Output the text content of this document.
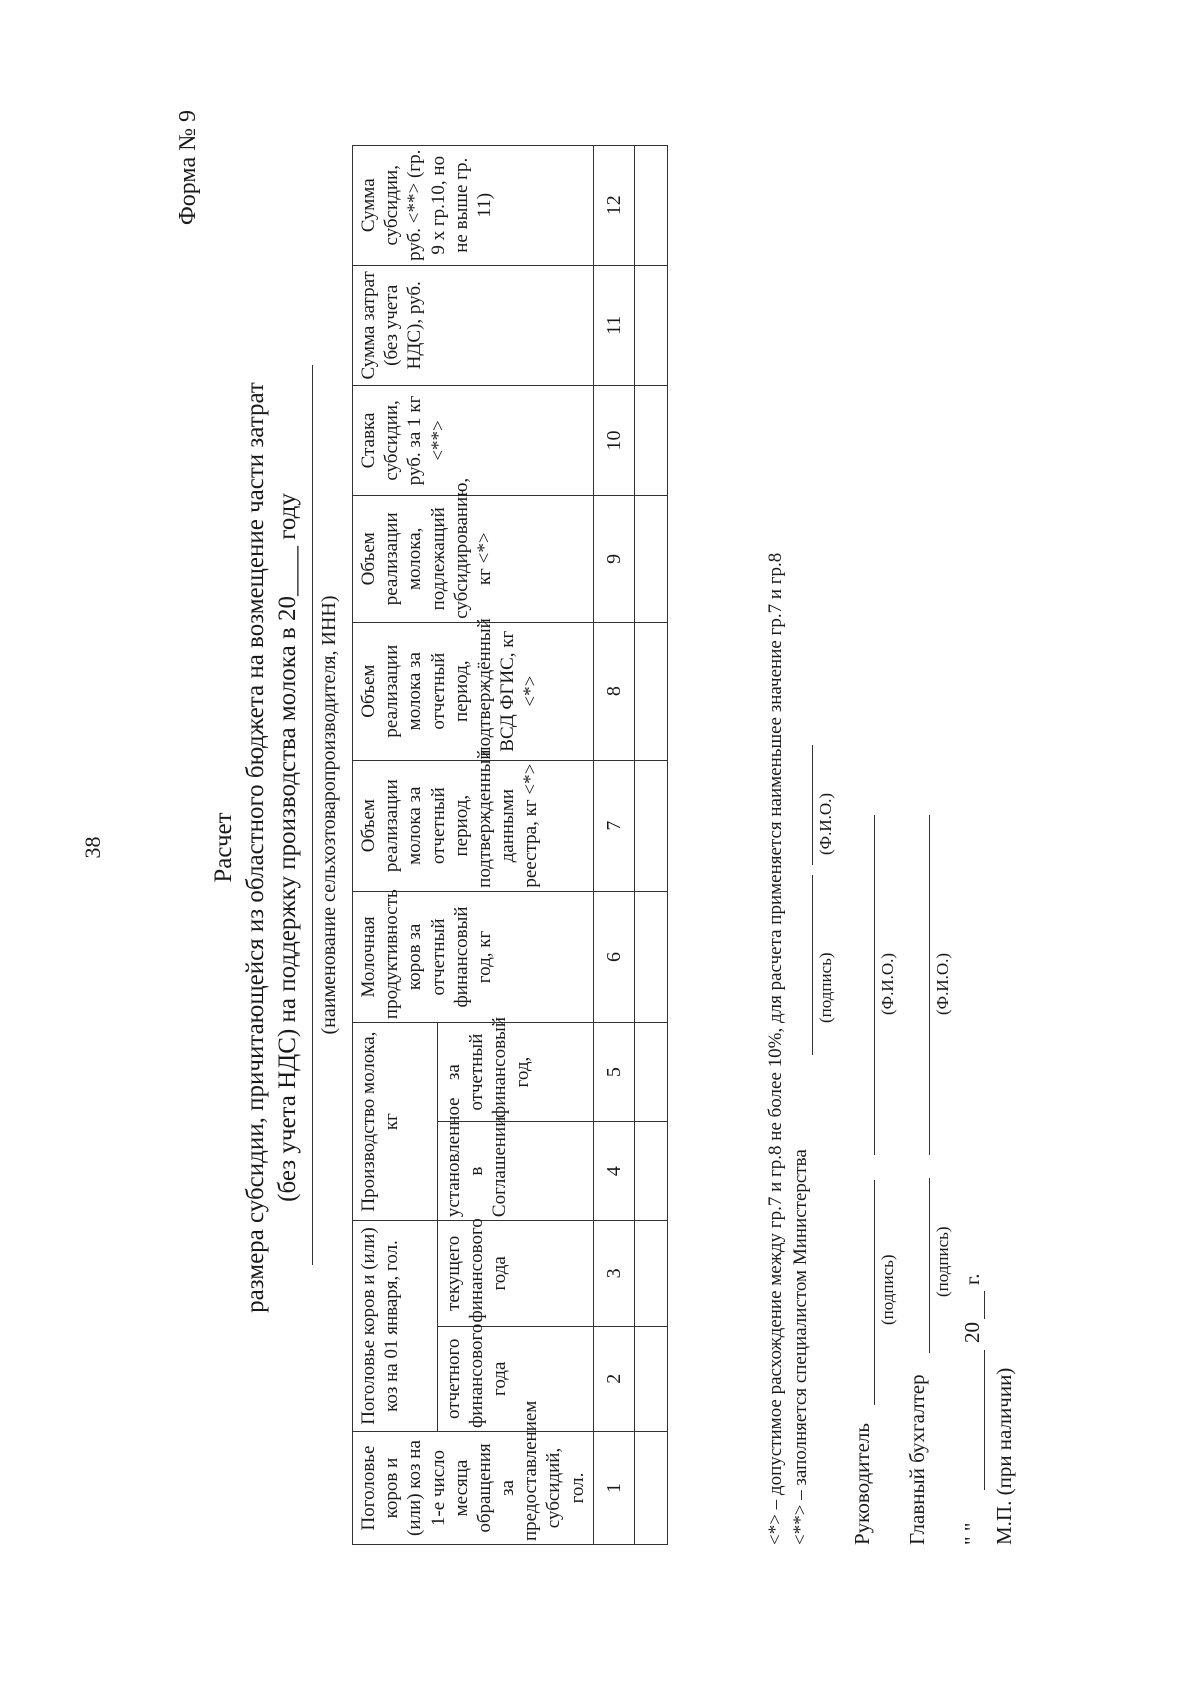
38
Форма № 9
Расчет размера субсидии, причитающейся из областного бюджета на возмещение части затрат (без учета НДС) на поддержку производства молока в 20____ году (наименование сельхозтоваропроизводителя, ИНН)
Поголовье коров и (или) коз на 1-е число месяца обращения за предоставлением субсидий, гол.	Поголовье коров и (или) коз на 01 января, гол.		Производство молока, кг		Молочная продуктивность коров за отчетный финансовый год, кг	Объем реализации молока за отчетный период, подтвержденный данными реестра, кг <*>	Объем реализации молока за отчетный период, подтверждённый ВСД ФГИС, кг <*>	Объем реализации молока, подлежащий субсидированию, кг <*>	Ставка субсидии, руб. за 1 кг <**>	Сумма затрат (без учета НДС), руб.	Сумма субсидии, руб. <**> (гр. 9 x гр.10, но не выше гр. 11)
	отчетного финансового года	текущего финансового года	установленное в Соглашении	за отчетный финансовый год,							
1	2	3	4	5	6	7	8	9	10	11	12

<*> – допустимое расхождение между гр.7 и гр.8 не более 10%, для расчета применяется наименьшее значение гр.7 и гр.8 <**> – заполняется специалистом Министерства
(подпись)
(Ф.И.О.)
Руководитель
(подпись)
(Ф.И.О.)
Главный бухгалтер
(подпись)
(Ф.И.О.)
" "
20
г.
М.П. (при наличии)
